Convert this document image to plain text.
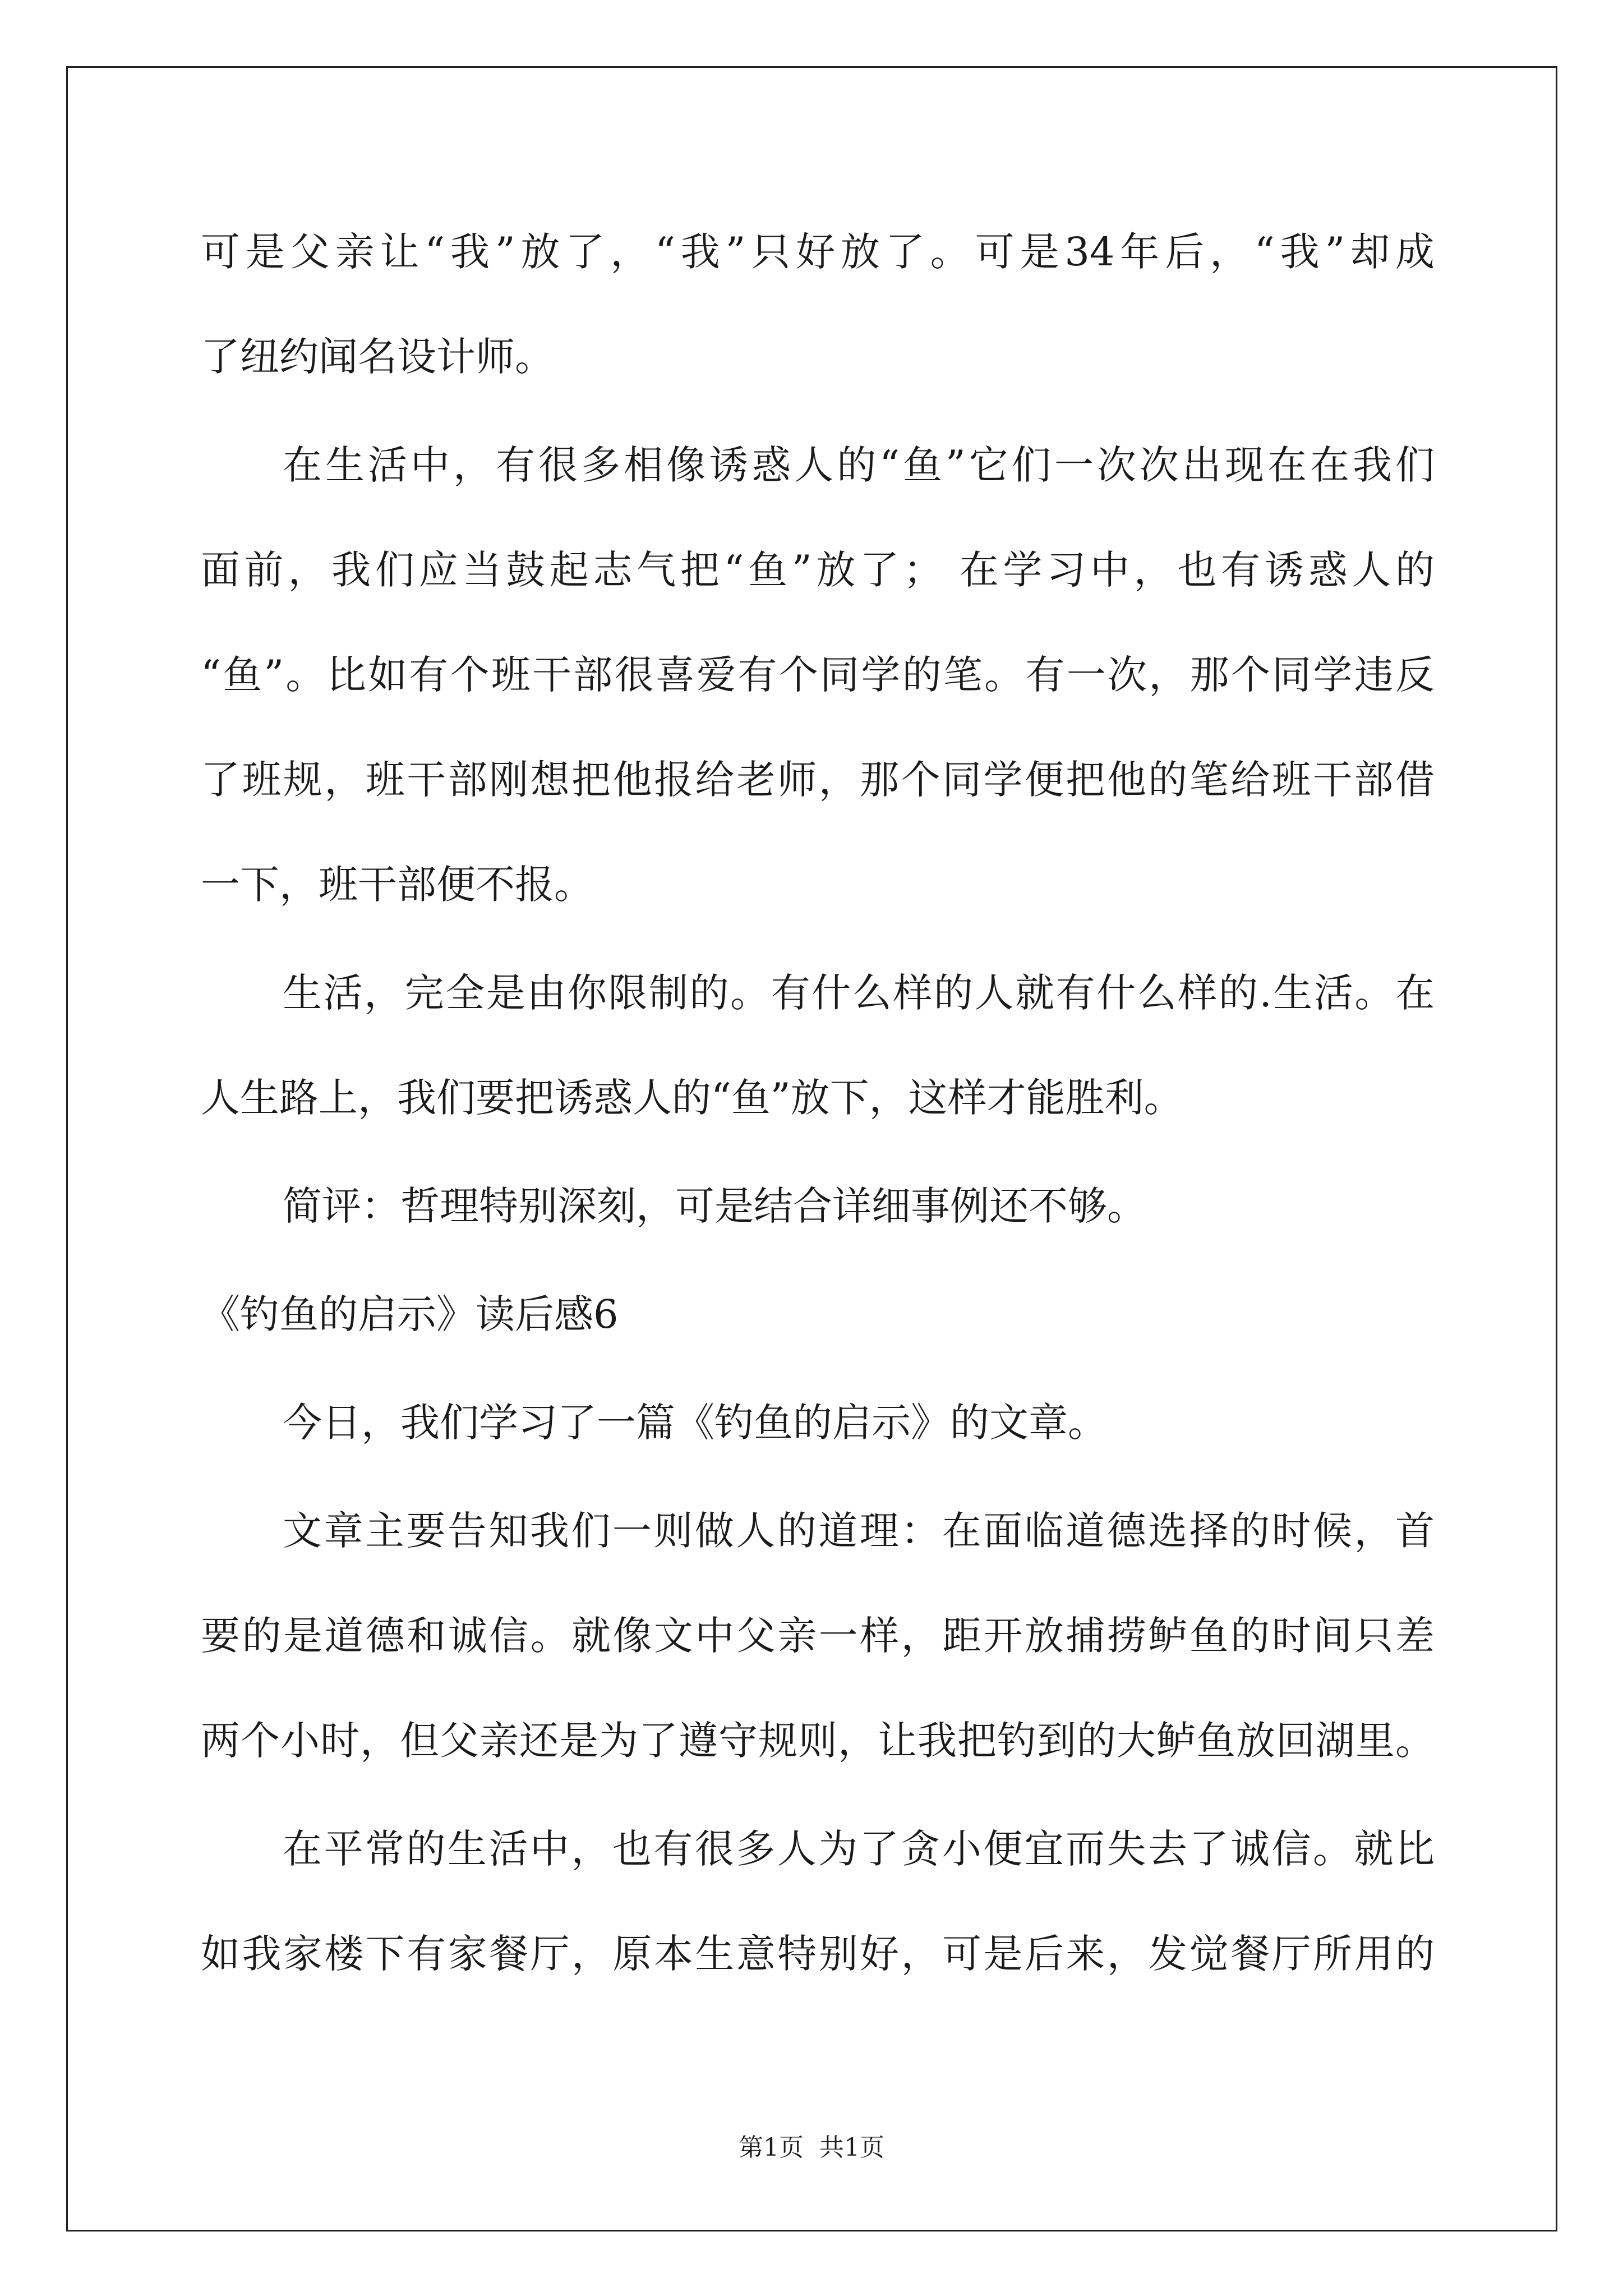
可是父亲让“我”放了，“我”只好放了。可是34年后，“我”却成
了纽约闻名设计师。
在生活中，有很多相像诱惑人的“鱼”它们一次次出现在在我们
面前，我们应当鼓起志气把“鱼”放了； 在学习中，也有诱惑人的
“鱼”。比如有个班干部很喜爱有个同学的笔。有一次，那个同学违反
了班规，班干部刚想把他报给老师，那个同学便把他的笔给班干部借
一下，班干部便不报。
生活，完全是由你限制的。有什么样的人就有什么样的.生活。在
人生路上，我们要把诱惑人的“鱼”放下，这样才能胜利。
简评：哲理特别深刻，可是结合详细事例还不够。
《钓鱼的启示》读后感6
今日，我们学习了一篇《钓鱼的启示》的文章。
文章主要告知我们一则做人的道理：在面临道德选择的时候，首
要的是道德和诚信。就像文中父亲一样，距开放捕捞鲈鱼的时间只差
两个小时，但父亲还是为了遵守规则，让我把钓到的大鲈鱼放回湖里。
在平常的生活中，也有很多人为了贪小便宜而失去了诚信。就比
如我家楼下有家餐厅，原本生意特别好，可是后来，发觉餐厅所用的
第1页  共1页
